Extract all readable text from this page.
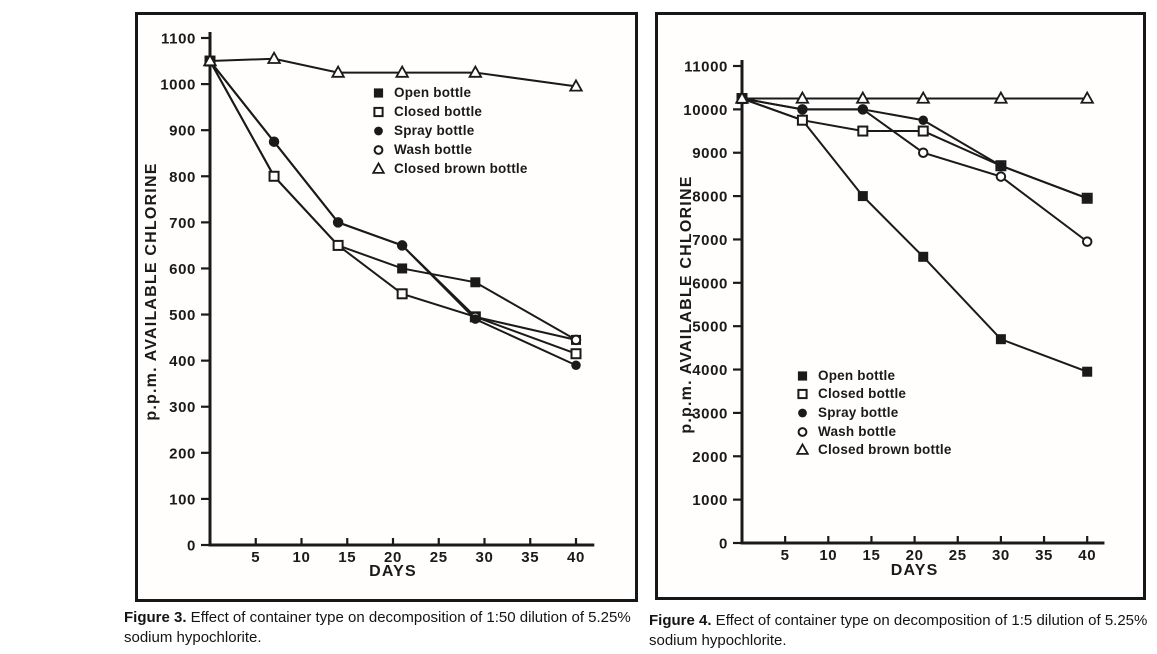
0
100
200
300
400
500
600
700
800
900
1000
1100
5 10 15 20 25 30 35 40
DAYS
p.p.m. AVAILABLE CHLORINE
Open bottle
Closed bottle
Spray bottle
Wash bottle
Closed brown bottle
0
1000
2000
3000
4000
5000
6000
7000
8000
9000
10000
11000
5 10 15 20 25 30 35 40
DAYS
p.p.m. AVAILABLE CHLORINE	Open bottle
Closed bottle
Spray bottle
Wash bottle
Closed brown bottle
Figure 3. Effect of container type on decomposition of 1:50 dilution of 5.25% sodium hypochlorite.
Figure 4. Effect of container type on decomposition of 1:5 dilution of 5.25% sodium hypochlorite.
